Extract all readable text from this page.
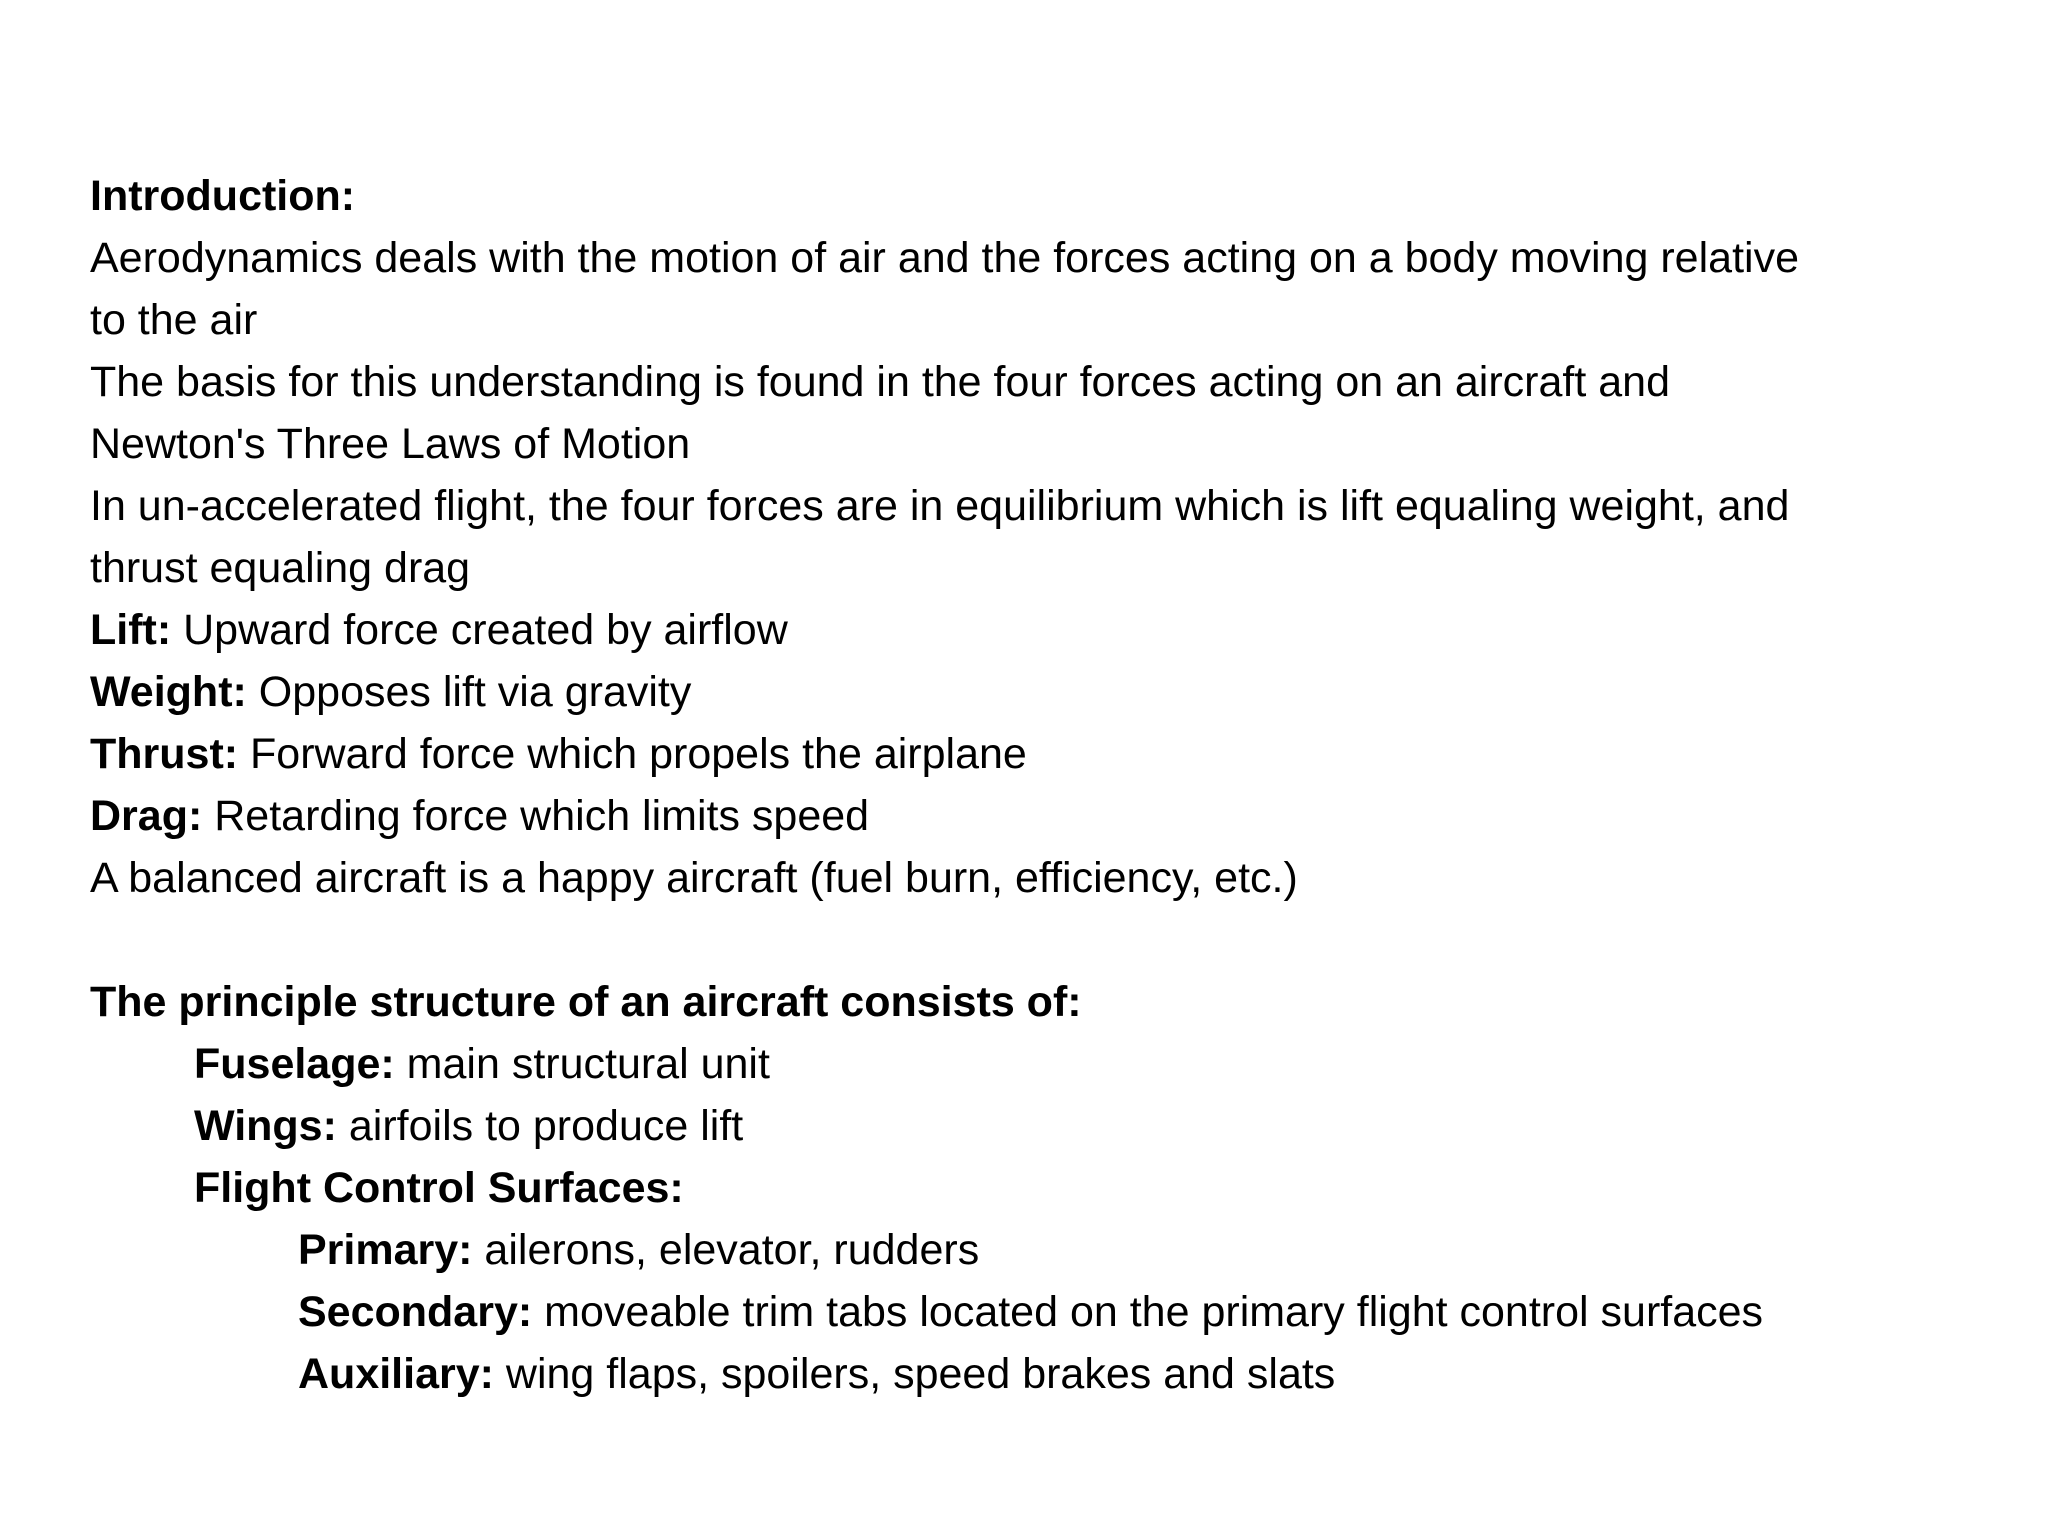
Introduction:
Aerodynamics deals with the motion of air and the forces acting on a body moving relative
to the air
The basis for this understanding is found in the four forces acting on an aircraft and
Newton's Three Laws of Motion
In un-accelerated flight, the four forces are in equilibrium which is lift equaling weight, and
thrust equaling drag
Lift: Upward force created by airflow
Weight: Opposes lift via gravity
Thrust: Forward force which propels the airplane
Drag: Retarding force which limits speed
A balanced aircraft is a happy aircraft (fuel burn, efficiency, etc.)
The principle structure of an aircraft consists of:
Fuselage: main structural unit
Wings: airfoils to produce lift
Flight Control Surfaces:
Primary: ailerons, elevator, rudders
Secondary: moveable trim tabs located on the primary flight control surfaces
Auxiliary: wing flaps, spoilers, speed brakes and slats
